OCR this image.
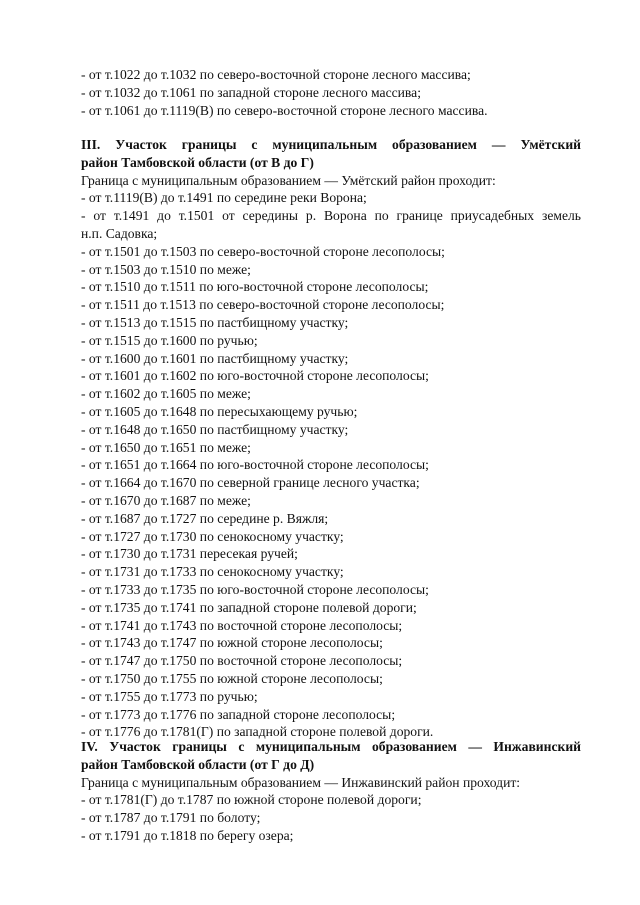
- от т.1022 до т.1032 по северо-восточной стороне лесного массива;
- от т.1032 до т.1061 по западной стороне лесного массива;
- от т.1061 до т.1119(В) по северо-восточной стороне лесного массива.
III. Участок границы с муниципальным образованием — Умётский
район Тамбовской области (от В до Г)
Граница с муниципальным образованием — Умётский район проходит:
- от т.1119(В) до т.1491 по середине реки Ворона;
- от т.1491 до т.1501 от середины р. Ворона по границе приусадебных земель
н.п. Садовка;
- от т.1501 до т.1503 по северо-восточной стороне лесополосы;
- от т.1503 до т.1510 по меже;
- от т.1510 до т.1511 по юго-восточной стороне лесополосы;
- от т.1511 до т.1513 по северо-восточной стороне лесополосы;
- от т.1513 до т.1515 по пастбищному участку;
- от т.1515 до т.1600 по ручью;
- от т.1600 до т.1601 по пастбищному участку;
- от т.1601 до т.1602 по юго-восточной стороне лесополосы;
- от т.1602 до т.1605 по меже;
- от т.1605 до т.1648 по пересыхающему ручью;
- от т.1648 до т.1650 по пастбищному участку;
- от т.1650 до т.1651 по меже;
- от т.1651 до т.1664 по юго-восточной стороне лесополосы;
- от т.1664 до т.1670 по северной границе лесного участка;
- от т.1670 до т.1687 по меже;
- от т.1687 до т.1727 по середине р. Вяжля;
- от т.1727 до т.1730 по сенокосному участку;
- от т.1730 до т.1731 пересекая ручей;
- от т.1731 до т.1733 по сенокосному участку;
- от т.1733 до т.1735 по юго-восточной стороне лесополосы;
- от т.1735 до т.1741 по западной стороне полевой дороги;
- от т.1741 до т.1743 по восточной стороне лесополосы;
- от т.1743 до т.1747 по южной стороне лесополосы;
- от т.1747 до т.1750 по восточной стороне лесополосы;
- от т.1750 до т.1755 по южной стороне лесополосы;
- от т.1755 до т.1773 по ручью;
- от т.1773 до т.1776 по западной стороне лесополосы;
- от т.1776 до т.1781(Г) по западной стороне полевой дороги.
IV. Участок границы с муниципальным образованием — Инжавинский
район Тамбовской области (от Г до Д)
Граница с муниципальным образованием — Инжавинский район проходит:
- от т.1781(Г) до т.1787 по южной стороне полевой дороги;
- от т.1787 до т.1791 по болоту;
- от т.1791 до т.1818 по берегу озера;
